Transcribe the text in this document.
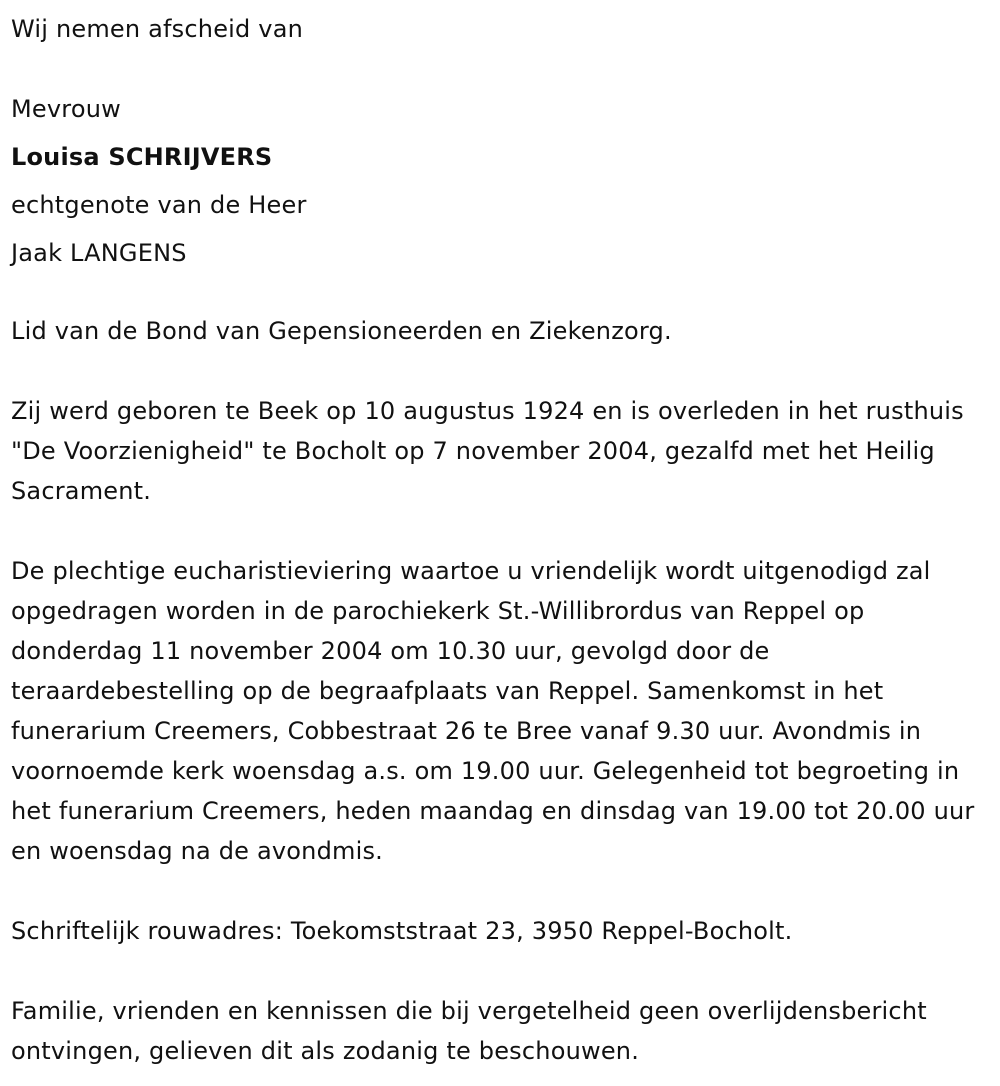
Wij nemen afscheid van
Mevrouw
Louisa SCHRIJVERS
echtgenote van de Heer
Jaak LANGENS
Lid van de Bond van Gepensioneerden en Ziekenzorg.
Zij werd geboren te Beek op 10 augustus 1924 en is overleden in het rusthuis "De Voorzienigheid" te Bocholt op 7 november 2004, gezalfd met het Heilig Sacrament.
De plechtige eucharistieviering waartoe u vriendelijk wordt uitgenodigd zal opgedragen worden in de parochiekerk St.-Willibrordus van Reppel op donderdag 11 november 2004 om 10.30 uur, gevolgd door de teraardebestelling op de begraafplaats van Reppel. Samenkomst in het funerarium Creemers, Cobbestraat 26 te Bree vanaf 9.30 uur. Avondmis in voornoemde kerk woensdag a.s. om 19.00 uur. Gelegenheid tot begroeting in het funerarium Creemers, heden maandag en dinsdag van 19.00 tot 20.00 uur en woensdag na de avondmis.
Schriftelijk rouwadres: Toekomststraat 23, 3950 Reppel-Bocholt.
Familie, vrienden en kennissen die bij vergetelheid geen overlijdensbericht ontvingen, gelieven dit als zodanig te beschouwen.
